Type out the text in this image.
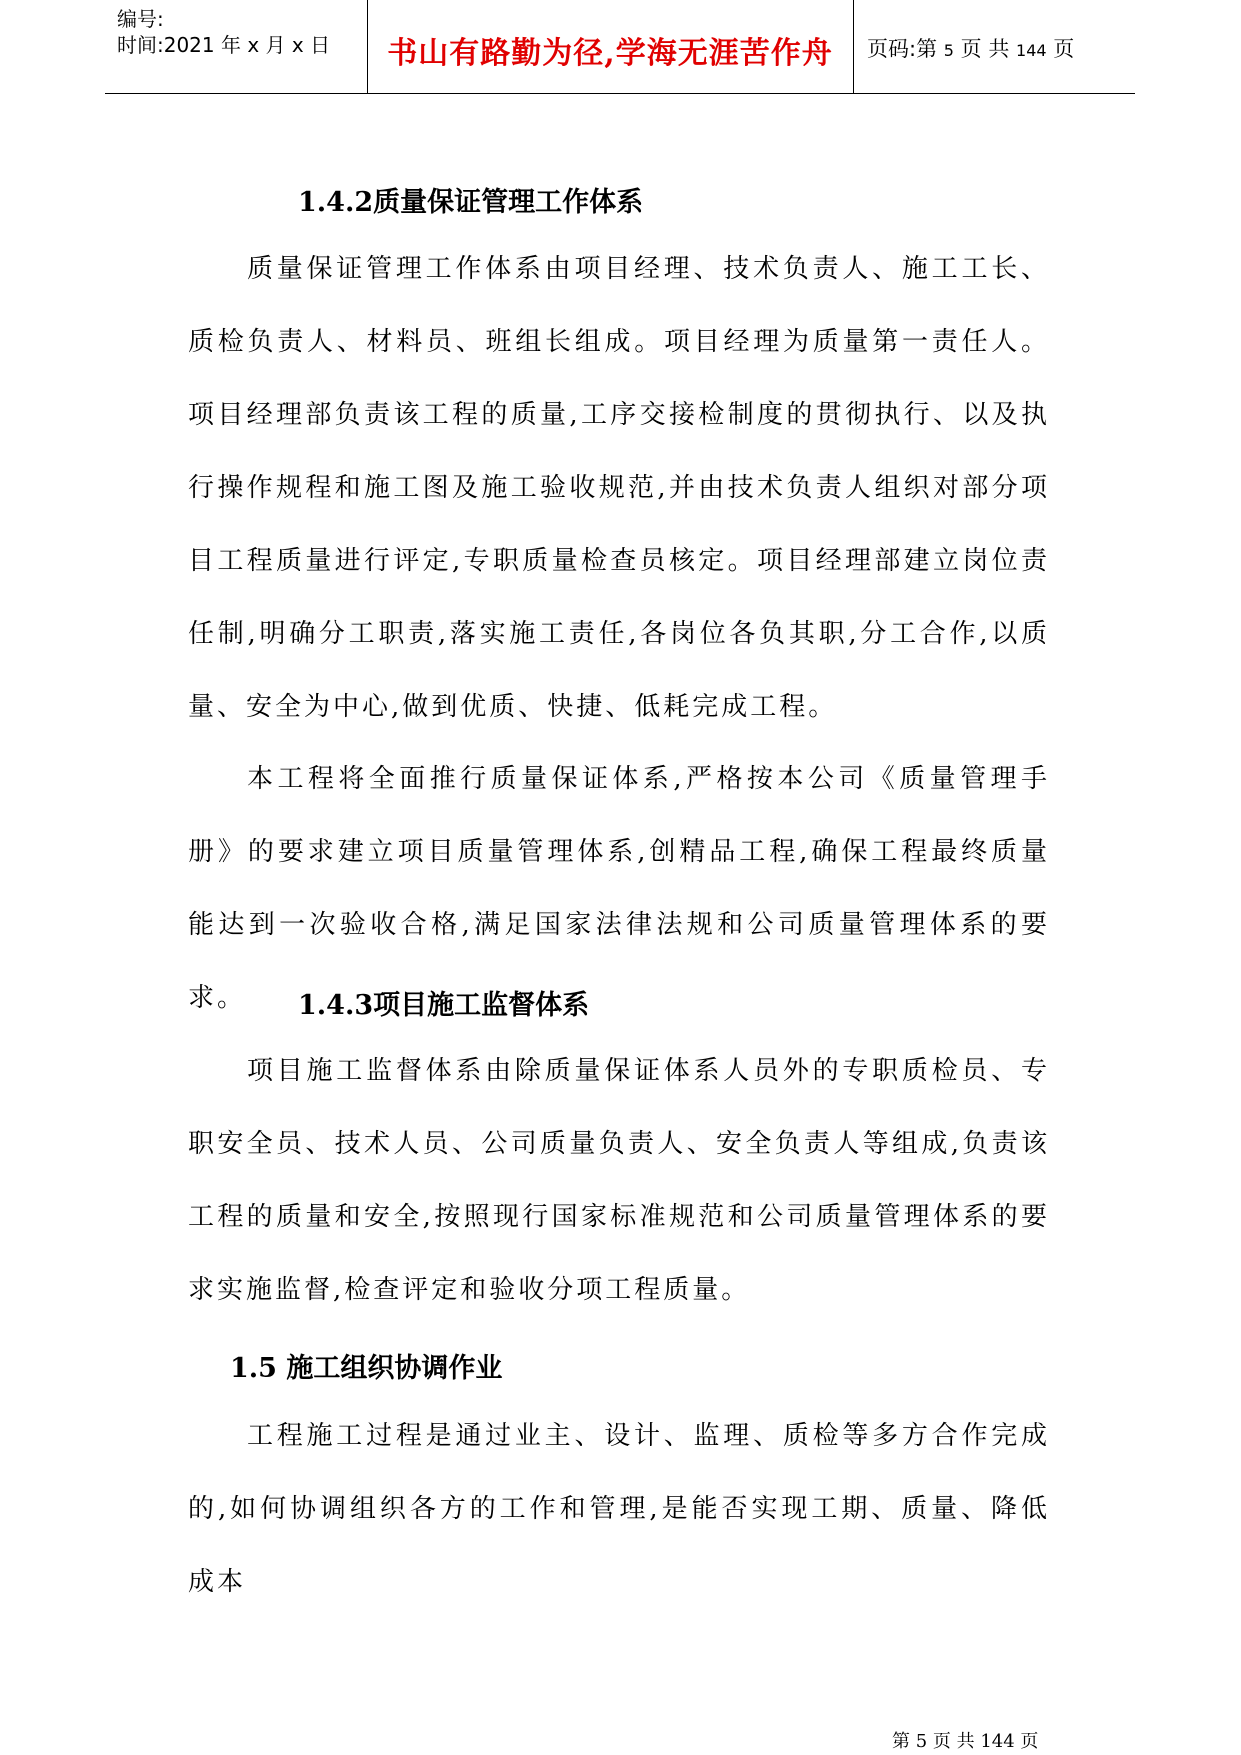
编号:
时间:2021 年 x 月 x 日	书山有路勤为径,学海无涯苦作舟	页码:第 5 页 共 144 页
1.4.2质量保证管理工作体系
质量保证管理工作体系由项目经理、技术负责人、施工工长、质检负责人、材料员、班组长组成。项目经理为质量第一责任人。项目经理部负责该工程的质量,工序交接检制度的贯彻执行、以及执行操作规程和施工图及施工验收规范,并由技术负责人组织对部分项目工程质量进行评定,专职质量检查员核定。项目经理部建立岗位责任制,明确分工职责,落实施工责任,各岗位各负其职,分工合作,以质量、安全为中心,做到优质、快捷、低耗完成工程。
本工程将全面推行质量保证体系,严格按本公司《质量管理手册》的要求建立项目质量管理体系,创精品工程,确保工程最终质量能达到一次验收合格,满足国家法律法规和公司质量管理体系的要求。	1.4.3项目施工监督体系
项目施工监督体系由除质量保证体系人员外的专职质检员、专职安全员、技术人员、公司质量负责人、安全负责人等组成,负责该工程的质量和安全,按照现行国家标准规范和公司质量管理体系的要求实施监督,检查评定和验收分项工程质量。
1.5 施工组织协调作业
工程施工过程是通过业主、设计、监理、质检等多方合作完成的,如何协调组织各方的工作和管理,是能否实现工期、质量、降低成本
第 5 页 共 144 页
